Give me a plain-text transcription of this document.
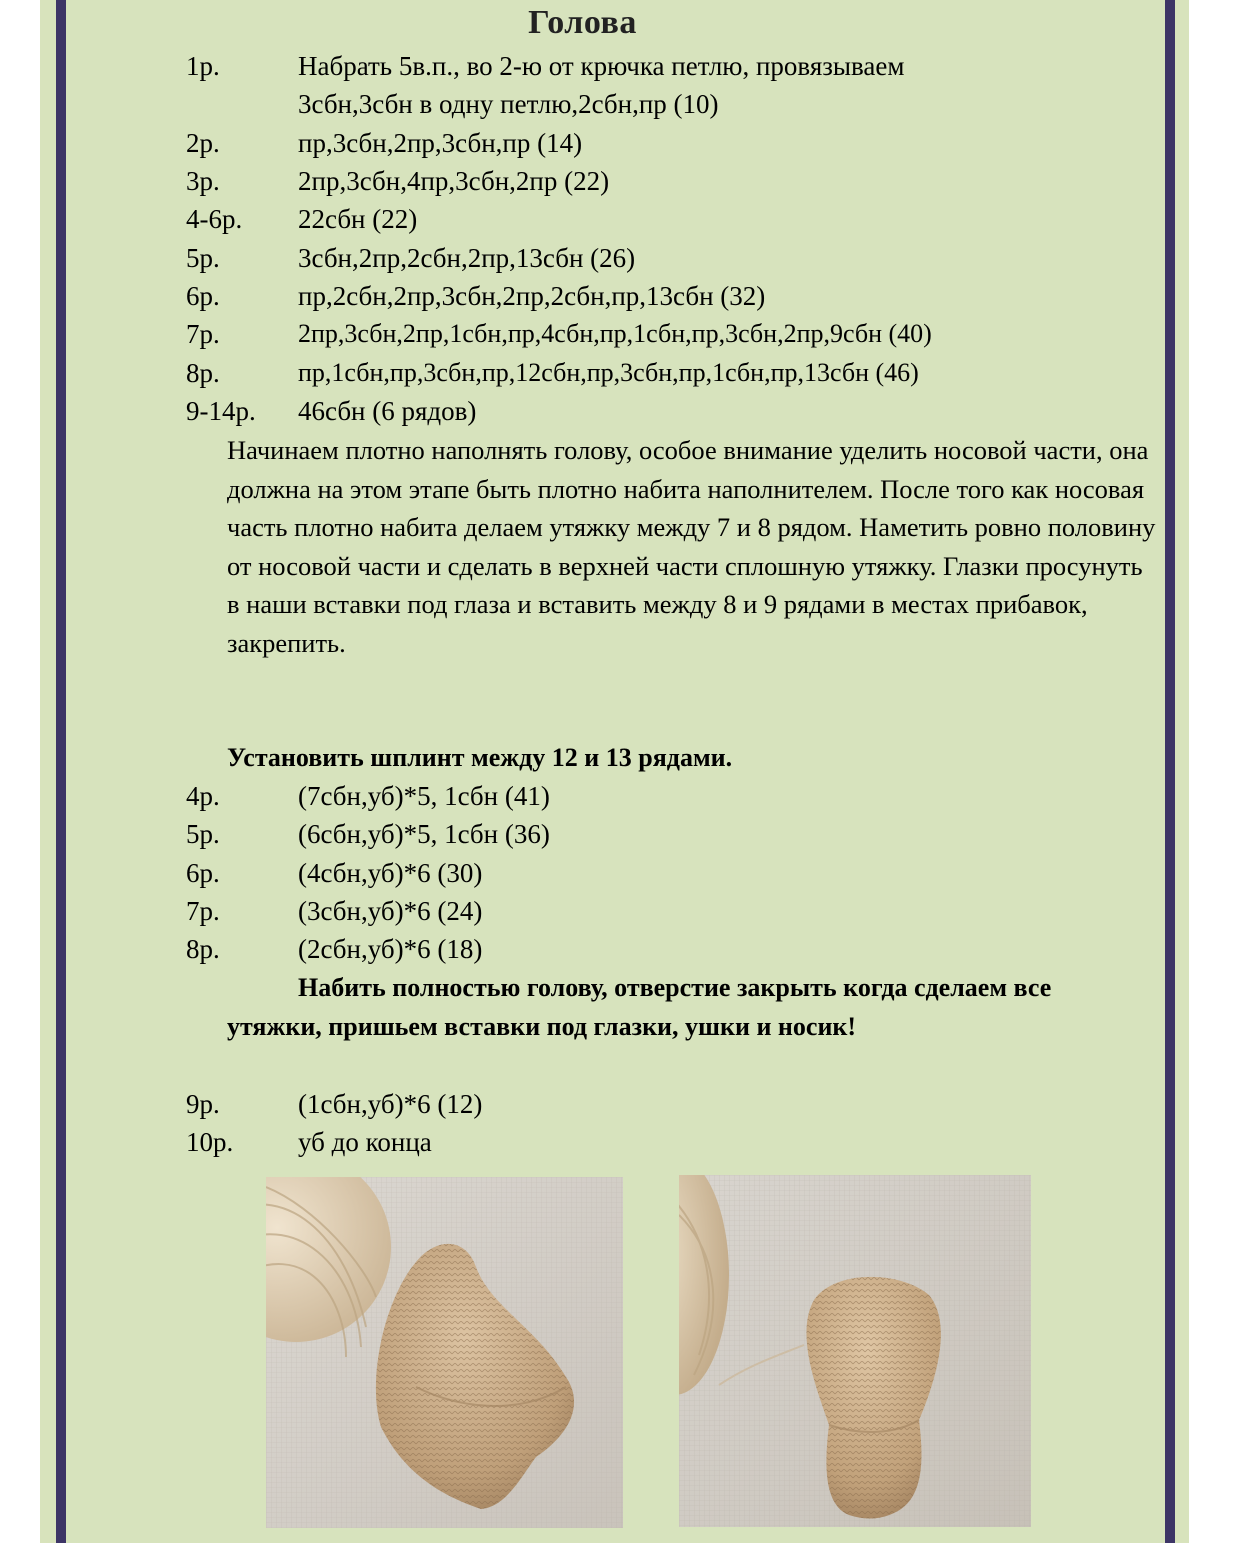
Голова
1р.	Набрать 5в.п., во 2-ю от крючка петлю, провязываем
3сбн,3сбн в одну петлю,2сбн,пр (10)
2р.	пр,3сбн,2пр,3сбн,пр (14)
3р.	2пр,3сбн,4пр,3сбн,2пр (22)
4-6р. 22сбн (22)
5р.	3сбн,2пр,2сбн,2пр,13сбн (26)
6р.	пр,2сбн,2пр,3сбн,2пр,2сбн,пр,13сбн (32)
7р.	2пр,3сбн,2пр,1сбн,пр,4сбн,пр,1сбн,пр,3сбн,2пр,9сбн (40)
8р.	пр,1сбн,пр,3сбн,пр,12сбн,пр,3сбн,пр,1сбн,пр,13сбн (46)
9-14р. 46сбн (6 рядов)
Начинаем плотно наполнять голову, особое внимание уделить носовой части, она должна на этом этапе быть плотно набита наполнителем. После того как носовая часть плотно набита делаем утяжку между 7 и 8 рядом. Наметить ровно половину от носовой части и сделать в верхней части сплошную утяжку. Глазки просунуть в наши вставки под глаза и вставить между 8 и 9 рядами в местах прибавок, закрепить.
Установить шплинт между 12 и 13 рядами.
4р.	(7сбн,уб)*5, 1сбн (41)
5р.	(6сбн,уб)*5, 1сбн (36)
6р.	(4сбн,уб)*6 (30)
7р.	(3сбн,уб)*6 (24)
8р.	(2сбн,уб)*6 (18)
Набить полностью голову, отверстие закрыть когда сделаем все утяжки, пришьем вставки под глазки, ушки и носик!
9р.	(1сбн,уб)*6 (12)
10р. уб до конца
